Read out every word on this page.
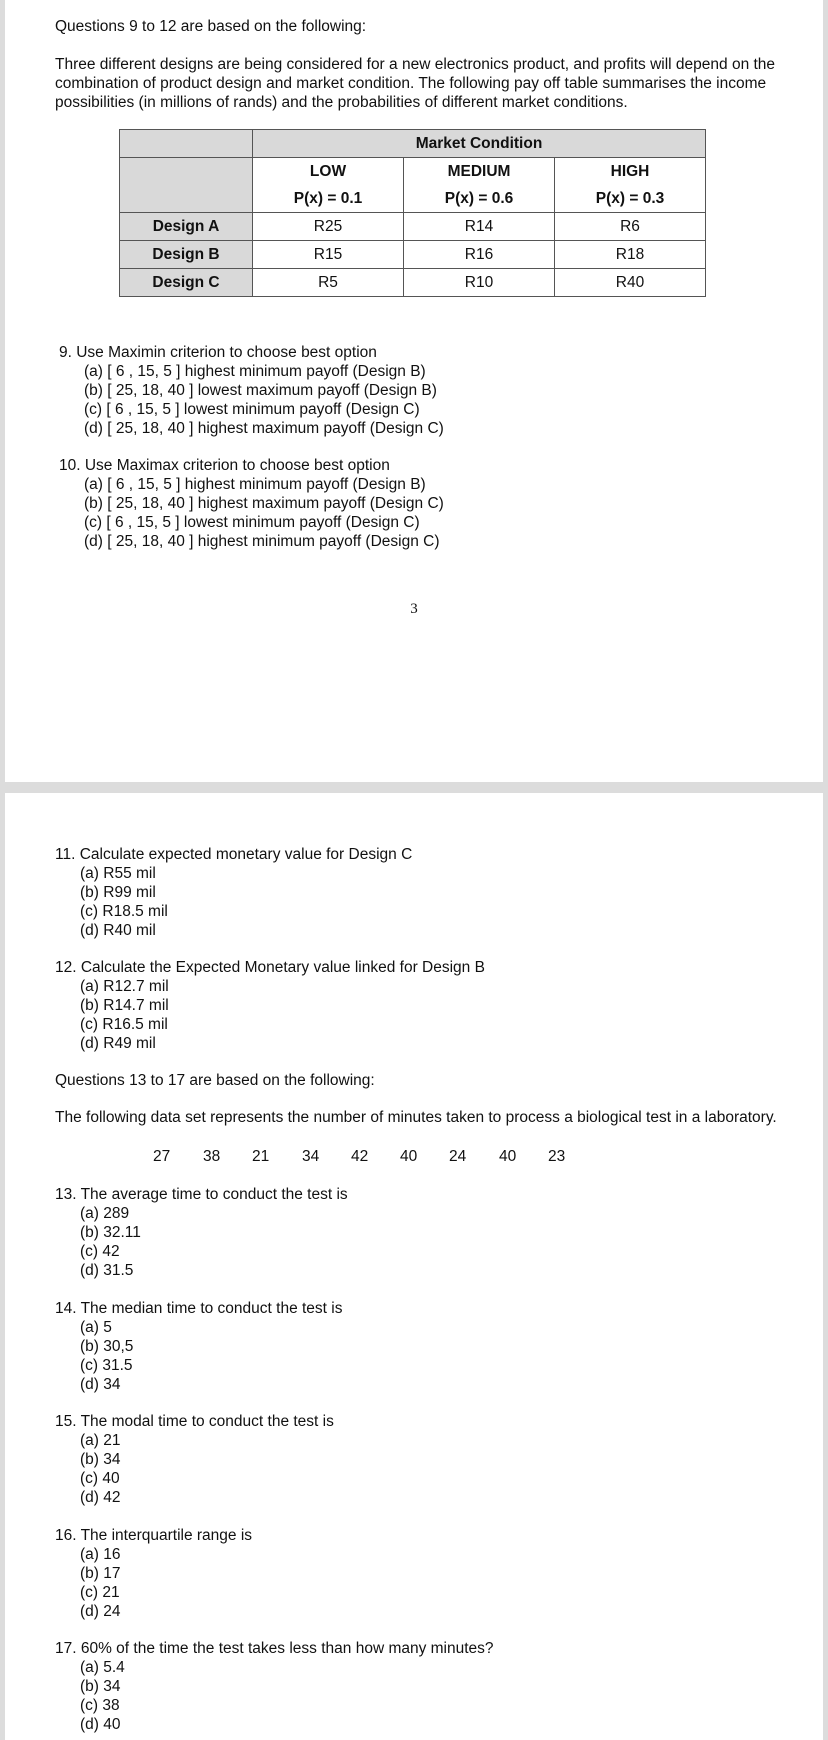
Questions 9 to 12 are based on the following:
Three different designs are being considered for a new electronics product, and profits will depend on the combination of product design and market condition. The following pay off table summarises the income possibilities (in millions of rands) and the probabilities of different market conditions.
	Market Condition		
	LOW	MEDIUM	HIGH
	P(x) = 0.1	P(x) = 0.6	P(x) = 0.3
Design A	R25	R14	R6
Design B	R15	R16	R18
Design C	R5	R10	R40
9. Use Maximin criterion to choose best option
(a) [ 6 , 15, 5 ] highest minimum payoff (Design B)
(b) [ 25, 18, 40 ] lowest maximum payoff (Design B)
(c) [ 6 , 15, 5 ] lowest minimum payoff (Design C)
(d) [ 25, 18, 40 ] highest maximum payoff (Design C)
10. Use Maximax criterion to choose best option
(a) [ 6 , 15, 5 ] highest minimum payoff (Design B)
(b) [ 25, 18, 40 ] highest maximum payoff (Design C)
(c) [ 6 , 15, 5 ] lowest minimum payoff (Design C)
(d) [ 25, 18, 40 ] highest minimum payoff (Design C)
3
11. Calculate expected monetary value for Design C
(a) R55 mil
(b) R99 mil
(c) R18.5 mil
(d) R40 mil
12. Calculate the Expected Monetary value linked for Design B
(a) R12.7 mil
(b) R14.7 mil
(c) R16.5 mil
(d) R49 mil
Questions 13 to 17 are based on the following:
The following data set represents the number of minutes taken to process a biological test in a laboratory.
27 38 21 34 42 40 24 40 23
13. The average time to conduct the test is
(a) 289
(b) 32.11
(c) 42
(d) 31.5
14. The median time to conduct the test is
(a) 5
(b) 30,5
(c) 31.5
(d) 34
15. The modal time to conduct the test is
(a) 21
(b) 34
(c) 40
(d) 42
16. The interquartile range is
(a) 16
(b) 17
(c) 21
(d) 24
17. 60% of the time the test takes less than how many minutes?
(a) 5.4
(b) 34
(c) 38
(d) 40
